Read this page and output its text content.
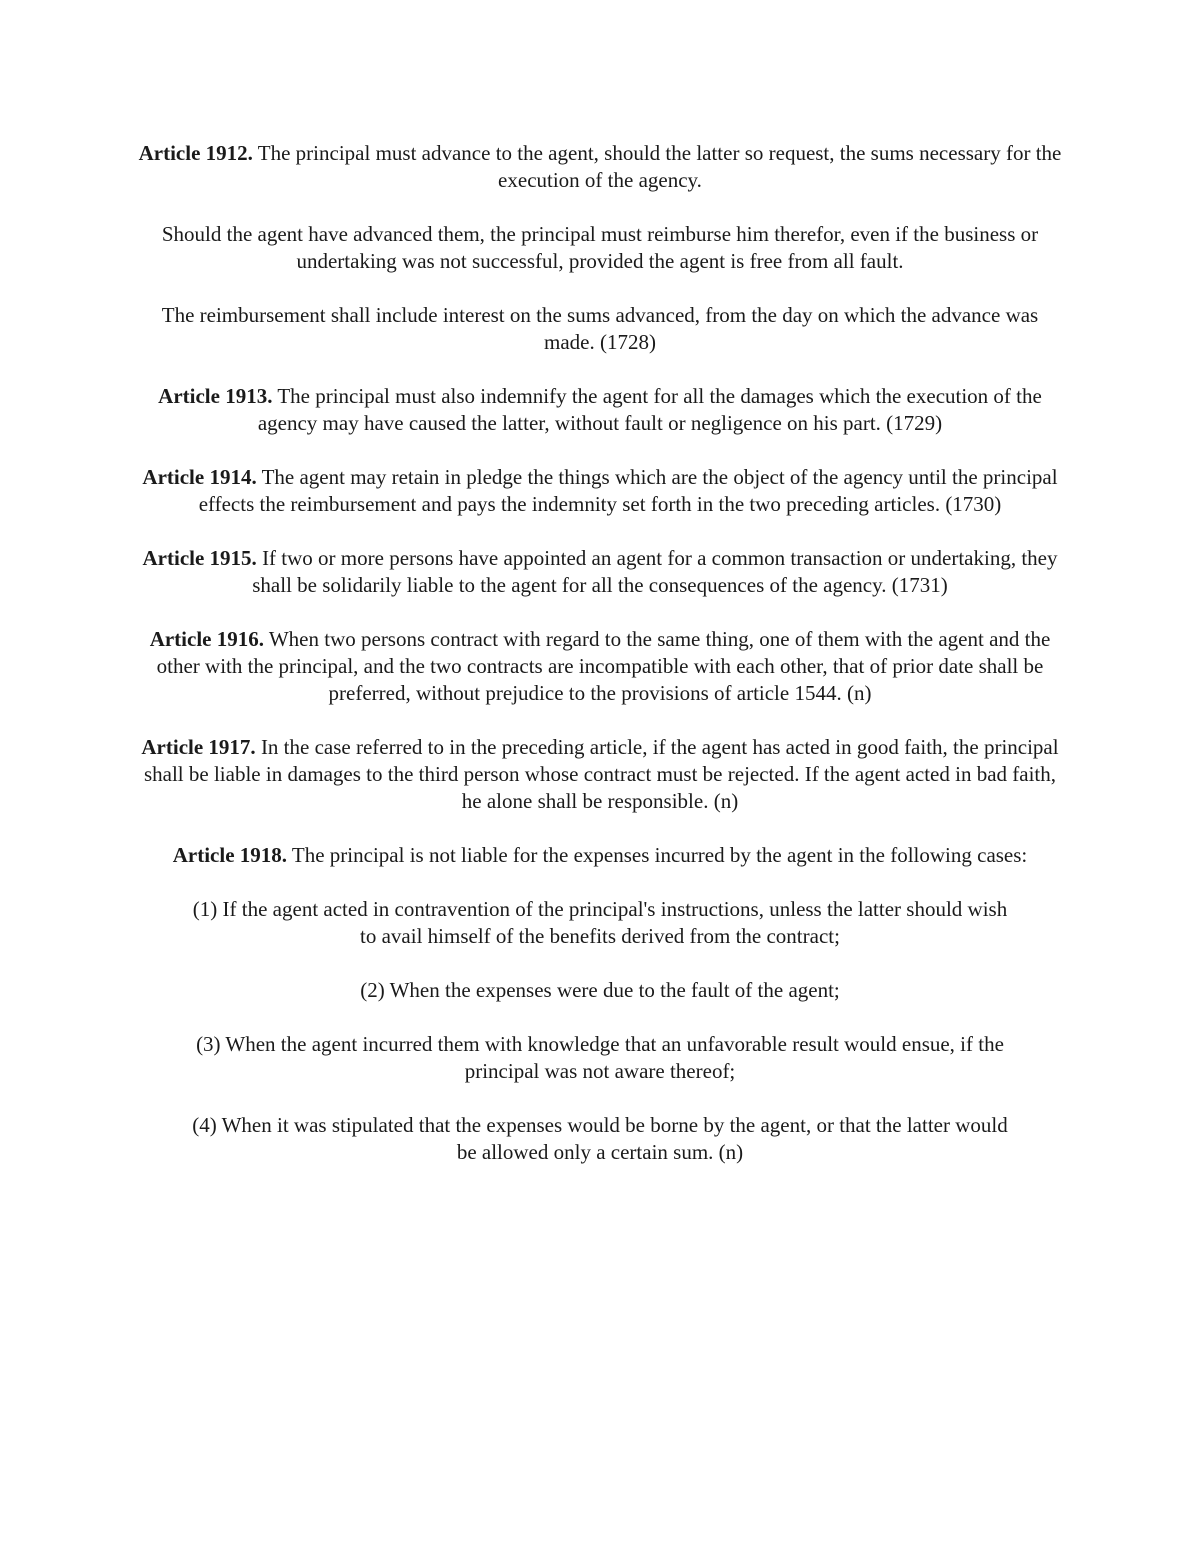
Article 1912. The principal must advance to the agent, should the latter so request, the sums necessary for the execution of the agency.

Should the agent have advanced them, the principal must reimburse him therefor, even if the business or undertaking was not successful, provided the agent is free from all fault.

The reimbursement shall include interest on the sums advanced, from the day on which the advance was made. (1728)

Article 1913. The principal must also indemnify the agent for all the damages which the execution of the agency may have caused the latter, without fault or negligence on his part. (1729)

Article 1914. The agent may retain in pledge the things which are the object of the agency until the principal effects the reimbursement and pays the indemnity set forth in the two preceding articles. (1730)

Article 1915. If two or more persons have appointed an agent for a common transaction or undertaking, they shall be solidarily liable to the agent for all the consequences of the agency. (1731)

Article 1916. When two persons contract with regard to the same thing, one of them with the agent and the other with the principal, and the two contracts are incompatible with each other, that of prior date shall be preferred, without prejudice to the provisions of article 1544. (n)

Article 1917. In the case referred to in the preceding article, if the agent has acted in good faith, the principal shall be liable in damages to the third person whose contract must be rejected. If the agent acted in bad faith, he alone shall be responsible. (n)

Article 1918. The principal is not liable for the expenses incurred by the agent in the following cases:

(1) If the agent acted in contravention of the principal's instructions, unless the latter should wish to avail himself of the benefits derived from the contract;

(2) When the expenses were due to the fault of the agent;

(3) When the agent incurred them with knowledge that an unfavorable result would ensue, if the principal was not aware thereof;

(4) When it was stipulated that the expenses would be borne by the agent, or that the latter would be allowed only a certain sum. (n)
